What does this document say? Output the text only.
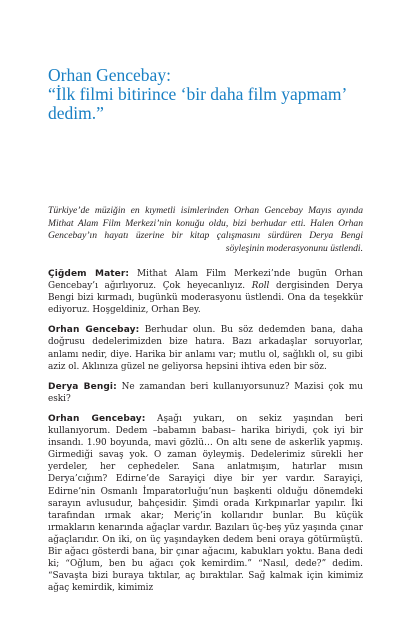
Orhan Gencebay:
“İlk filmi bitirince ‘bir daha film yapmam’
dedim.”

Türkiye’de müziğin en kıymetli isimlerinden Orhan Gencebay Mayıs ayında Mithat Alam Film Merkezi’nin konuğu oldu, bizi berhudar etti. Halen Orhan Gencebay’ın hayatı üzerine bir kitap çalışmasını sürdüren Derya Bengi söyleşinin moderasyonunu üstlendi.

Çiğdem Mater: Mithat Alam Film Merkezi’nde bugün Orhan Gencebay’ı ağırlıyoruz. Çok heyecanlıyız. Roll dergisinden Derya Bengi bizi kırmadı, bugünkü moderasyonu üstlendi. Ona da teşekkür ediyoruz. Hoşgeldiniz, Orhan Bey.

Orhan Gencebay: Berhudar olun. Bu söz dedemden bana, daha doğrusu dedelerimizden bize hatıra. Bazı arkadaşlar soruyorlar, anlamı nedir, diye. Harika bir anlamı var; mutlu ol, sağlıklı ol, su gibi aziz ol. Aklınıza güzel ne geliyorsa hepsini ihtiva eden bir söz.

Derya Bengi: Ne zamandan beri kullanıyorsunuz? Mazisi çok mu eski?

Orhan Gencebay: Aşağı yukarı, on sekiz yaşından beri kullanıyorum. Dedem –babamın babası– harika biriydi, çok iyi bir insandı. 1.90 boyunda, mavi gözlü… On altı sene de askerlik yapmış. Girmediği savaş yok. O zaman öyleymiş. Dedelerimiz sürekli her yerdeler, her cephedeler. Sana anlatmışım, hatırlar mısın Derya’cığım? Edirne’de Sarayiçi diye bir yer vardır. Sarayiçi, Edirne’nin Osmanlı İmparatorluğu’nun başkenti olduğu dönemdeki sarayın avlusudur, bahçesidir. Şimdi orada Kırkpınarlar yapılır. İki tarafından ırmak akar; Meriç’in kollarıdır bunlar. Bu küçük ırmakların kenarında ağaçlar vardır. Bazıları üç-beş yüz yaşında çınar ağaçlarıdır. On iki, on üç yaşındayken dedem beni oraya götürmüştü. Bir ağacı gösterdi bana, bir çınar ağacını, kabukları yoktu. Bana dedi ki; “Oğlum, ben bu ağacı çok kemirdim.” “Nasıl, dede?” dedim. “Savaşta bizi buraya tıktılar, aç bıraktılar. Sağ kalmak için kimimiz ağaç kemirdik, kimimiz
